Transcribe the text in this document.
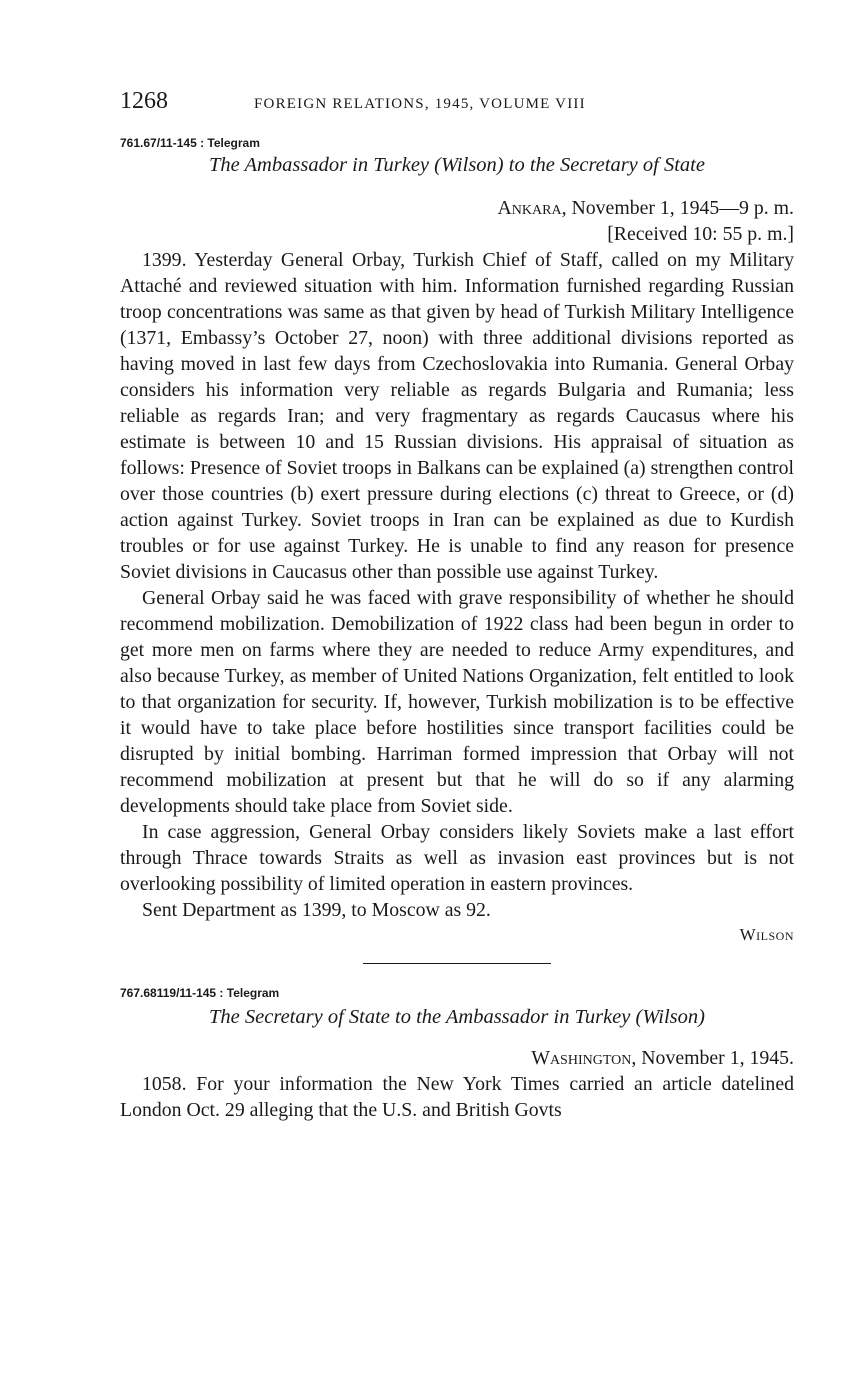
1268	FOREIGN RELATIONS, 1945, VOLUME VIII
761.67/11-145 : Telegram
The Ambassador in Turkey (Wilson) to the Secretary of State
Ankara, November 1, 1945—9 p. m.
[Received 10: 55 p. m.]

1399. Yesterday General Orbay, Turkish Chief of Staff, called on my Military Attaché and reviewed situation with him. Information furnished regarding Russian troop concentrations was same as that given by head of Turkish Military Intelligence (1371, Embassy’s October 27, noon) with three additional divisions reported as having moved in last few days from Czechoslovakia into Rumania. General Orbay considers his information very reliable as regards Bulgaria and Rumania; less reliable as regards Iran; and very fragmentary as regards Caucasus where his estimate is between 10 and 15 Russian divisions. His appraisal of situation as follows: Presence of Soviet troops in Balkans can be explained (a) strengthen control over those countries (b) exert pressure during elections (c) threat to Greece, or (d) action against Turkey. Soviet troops in Iran can be explained as due to Kurdish troubles or for use against Turkey. He is unable to find any reason for presence Soviet divisions in Caucasus other than possible use against Turkey.

General Orbay said he was faced with grave responsibility of whether he should recommend mobilization. Demobilization of 1922 class had been begun in order to get more men on farms where they are needed to reduce Army expenditures, and also because Turkey, as member of United Nations Organization, felt entitled to look to that organization for security. If, however, Turkish mobilization is to be effective it would have to take place before hostilities since transport facilities could be disrupted by initial bombing. Harriman formed impression that Orbay will not recommend mobilization at present but that he will do so if any alarming developments should take place from Soviet side.

In case aggression, General Orbay considers likely Soviets make a last effort through Thrace towards Straits as well as invasion east provinces but is not overlooking possibility of limited operation in eastern provinces.

Sent Department as 1399, to Moscow as 92.

Wilson
767.68119/11-145 : Telegram
The Secretary of State to the Ambassador in Turkey (Wilson)
Washington, November 1, 1945.

1058. For your information the New York Times carried an article datelined London Oct. 29 alleging that the U.S. and British Govts
